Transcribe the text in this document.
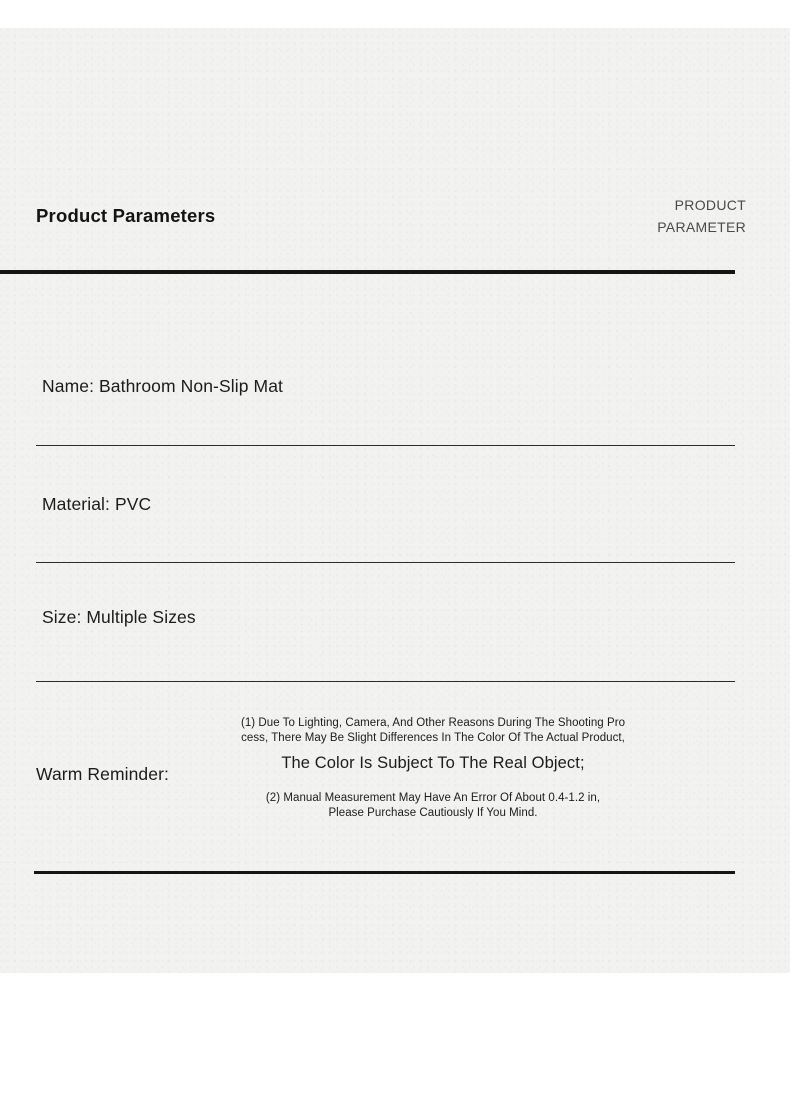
Product Parameters	PRODUCT
PARAMETER
Name: Bathroom Non-Slip Mat
Material: PVC
Size: Multiple Sizes
Warm Reminder:
(1) Due To Lighting, Camera, And Other Reasons During The Shooting Pro
cess, There May Be Slight Differences In The Color Of The Actual Product,
The Color Is Subject To The Real Object;
(2) Manual Measurement May Have An Error Of About 0.4-1.2 in,
Please Purchase Cautiously If You Mind.
